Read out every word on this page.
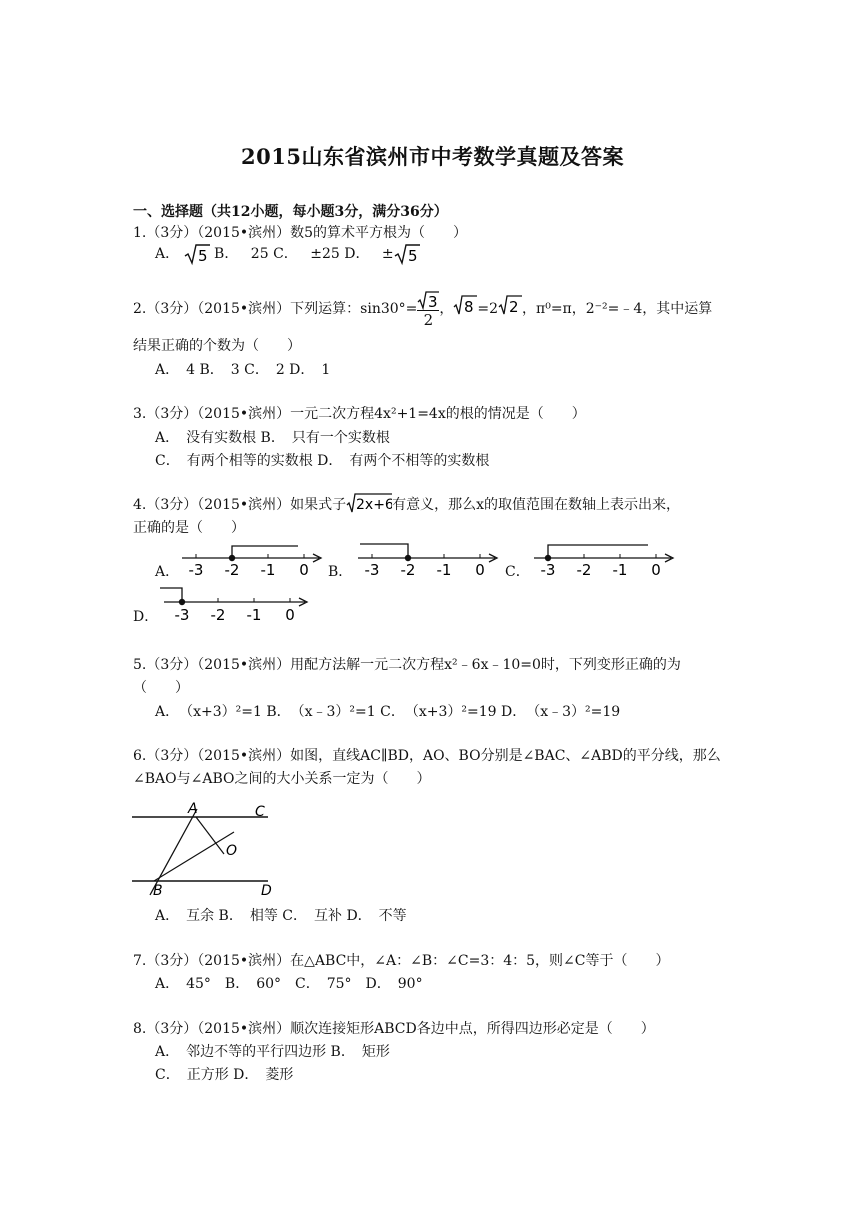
2015山东省滨州市中考数学真题及答案
一、选择题（共12小题，每小题3分，满分36分）
1.（3分）（2015•滨州）数5的算术平方根为（　　）
A． 5 B． 25 C． ±25 D． ± 5
2.（3分）（2015•滨州）下列运算：$\sin 30^\circ= \frac{3}{2}$ ， 8 =2 2 ，π⁰=π，2⁻²=﹣4，其中运算
结果正确的个数为（　　）
A．　4 B．　3 C．　2 D．　1
3.（3分）（2015•滨州）一元二次方程4x²+1=4x的根的情况是（　　）
A．　没有实数根 B．　只有一个实数根
C．　有两个相等的实数根 D．　有两个不相等的实数根
4.（3分）（2015•滨州）如果式子 2x+6
有意义，那么x的取值范围在数轴上表示出来，
正确的是（　　）
A． -3 -2 -1 0 B． -3 -2 -1 0 C． -3 -2 -1 0
D． -3 -2 -1 0
5.（3分）（2015•滨州）用配方法解一元二次方程x²﹣6x﹣10=0时，下列变形正确的为
（　　）
A．　（x+3）²=1 B．　（x﹣3）²=1 C．　（x+3）²=19 D．　（x﹣3）²=19
6.（3分）（2015•滨州）如图，直线AC∥BD，AO、BO分别是∠BAC、∠ABD的平分线，那么
∠BAO与∠ABO之间的大小关系一定为（　　）
A	C
O
B	D
A．　互余 B．　相等 C．　互补 D．　不等
7.（3分）（2015•滨州）在△ABC中，∠A：∠B：∠C=3：4：5，则∠C等于（　　）
A．　45°　B．　60°　C．　75°　D．　90°
8.（3分）（2015•滨州）顺次连接矩形ABCD各边中点，所得四边形必定是（　　）
A．　邻边不等的平行四边形 B．　矩形
C．　正方形 D．　菱形
